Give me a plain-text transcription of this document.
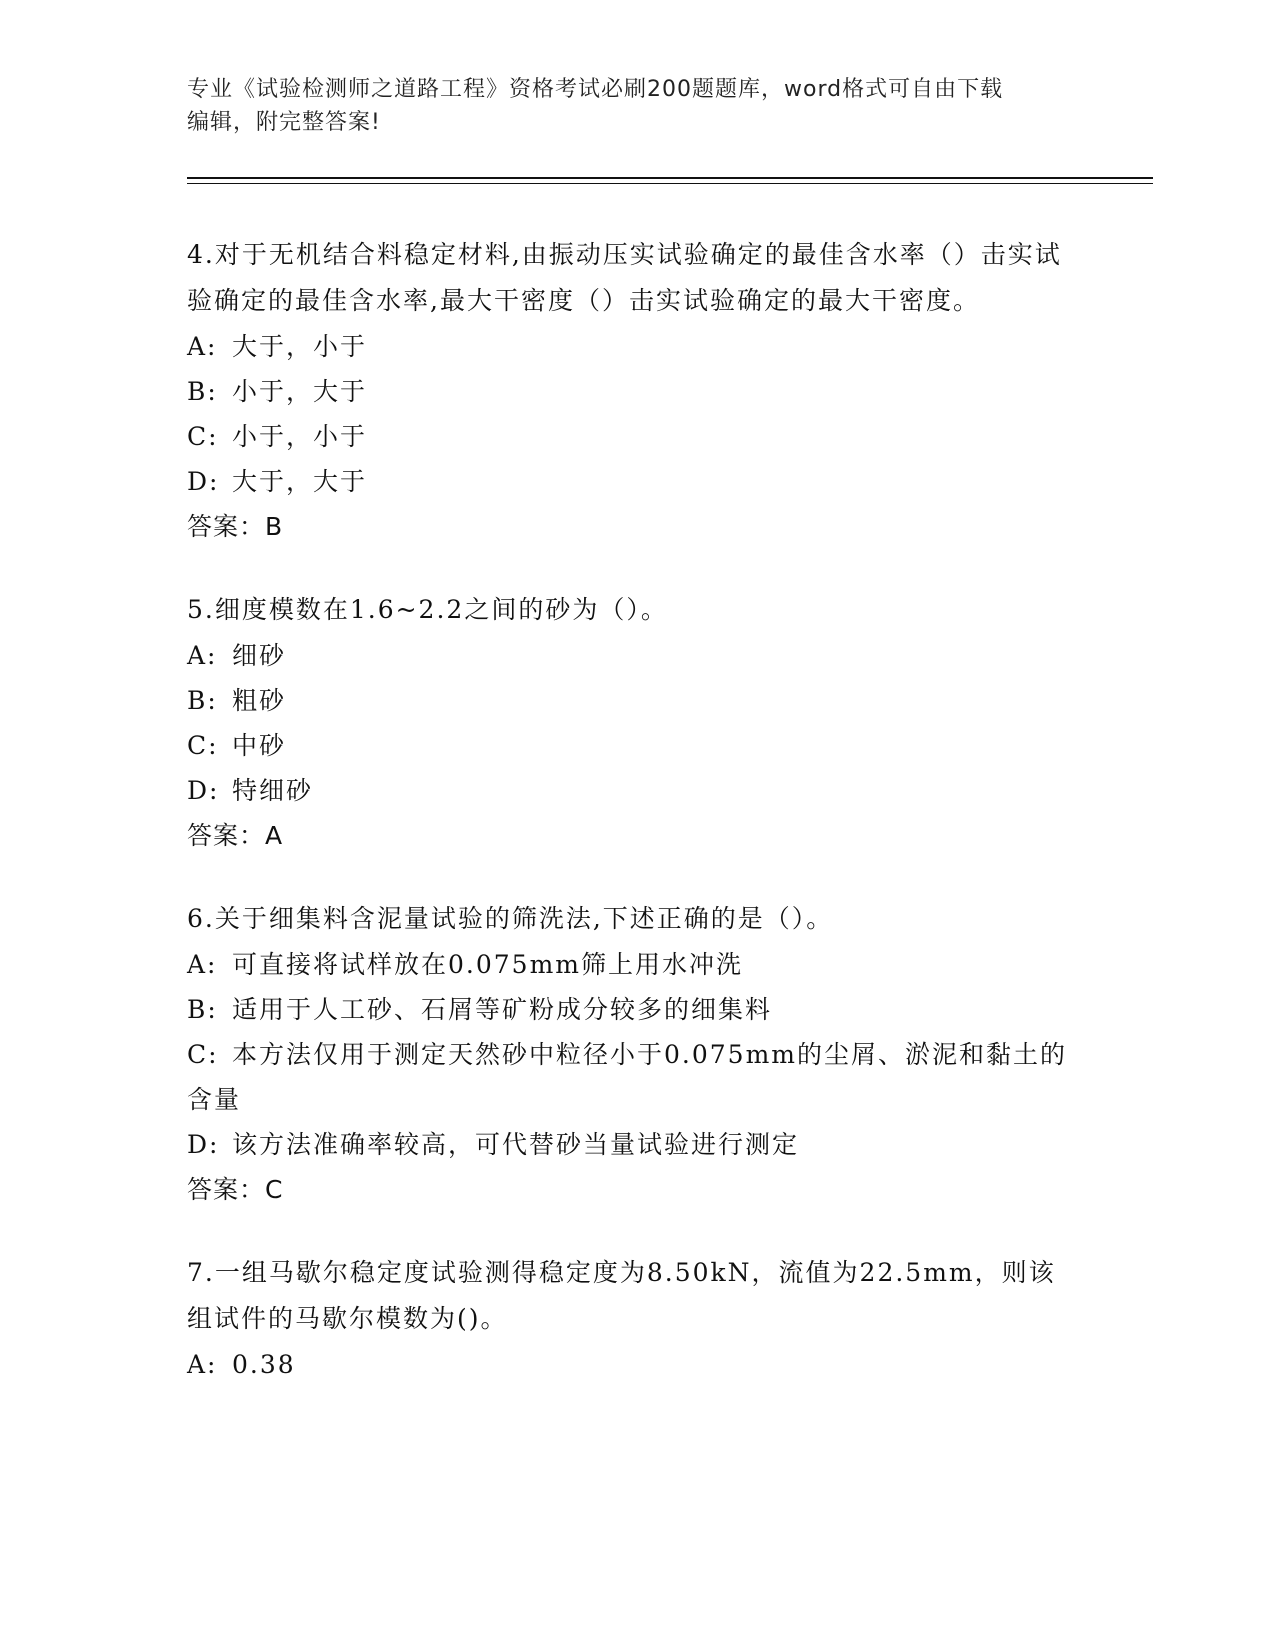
专业《试验检测师之道路工程》资格考试必刷200题题库，word格式可自由下载
编辑，附完整答案!
4.对于无机结合料稳定材料,由振动压实试验确定的最佳含水率（）击实试验确定的最佳含水率,最大干密度（）击实试验确定的最大干密度。
A: 大于，小于
B: 小于，大于
C: 小于，小于
D: 大于，大于
答案：B
5.细度模数在1.6~2.2之间的砂为（）。
A: 细砂
B: 粗砂
C: 中砂
D: 特细砂
答案：A
6.关于细集料含泥量试验的筛洗法,下述正确的是（）。
A: 可直接将试样放在0.075mm筛上用水冲洗
B: 适用于人工砂、石屑等矿粉成分较多的细集料
C: 本方法仅用于测定天然砂中粒径小于0.075mm的尘屑、淤泥和黏土的含量
D: 该方法准确率较高，可代替砂当量试验进行测定
答案：C
7.一组马歇尔稳定度试验测得稳定度为8.50kN，流值为22.5mm，则该组试件的马歇尔模数为()。
A: 0.38
